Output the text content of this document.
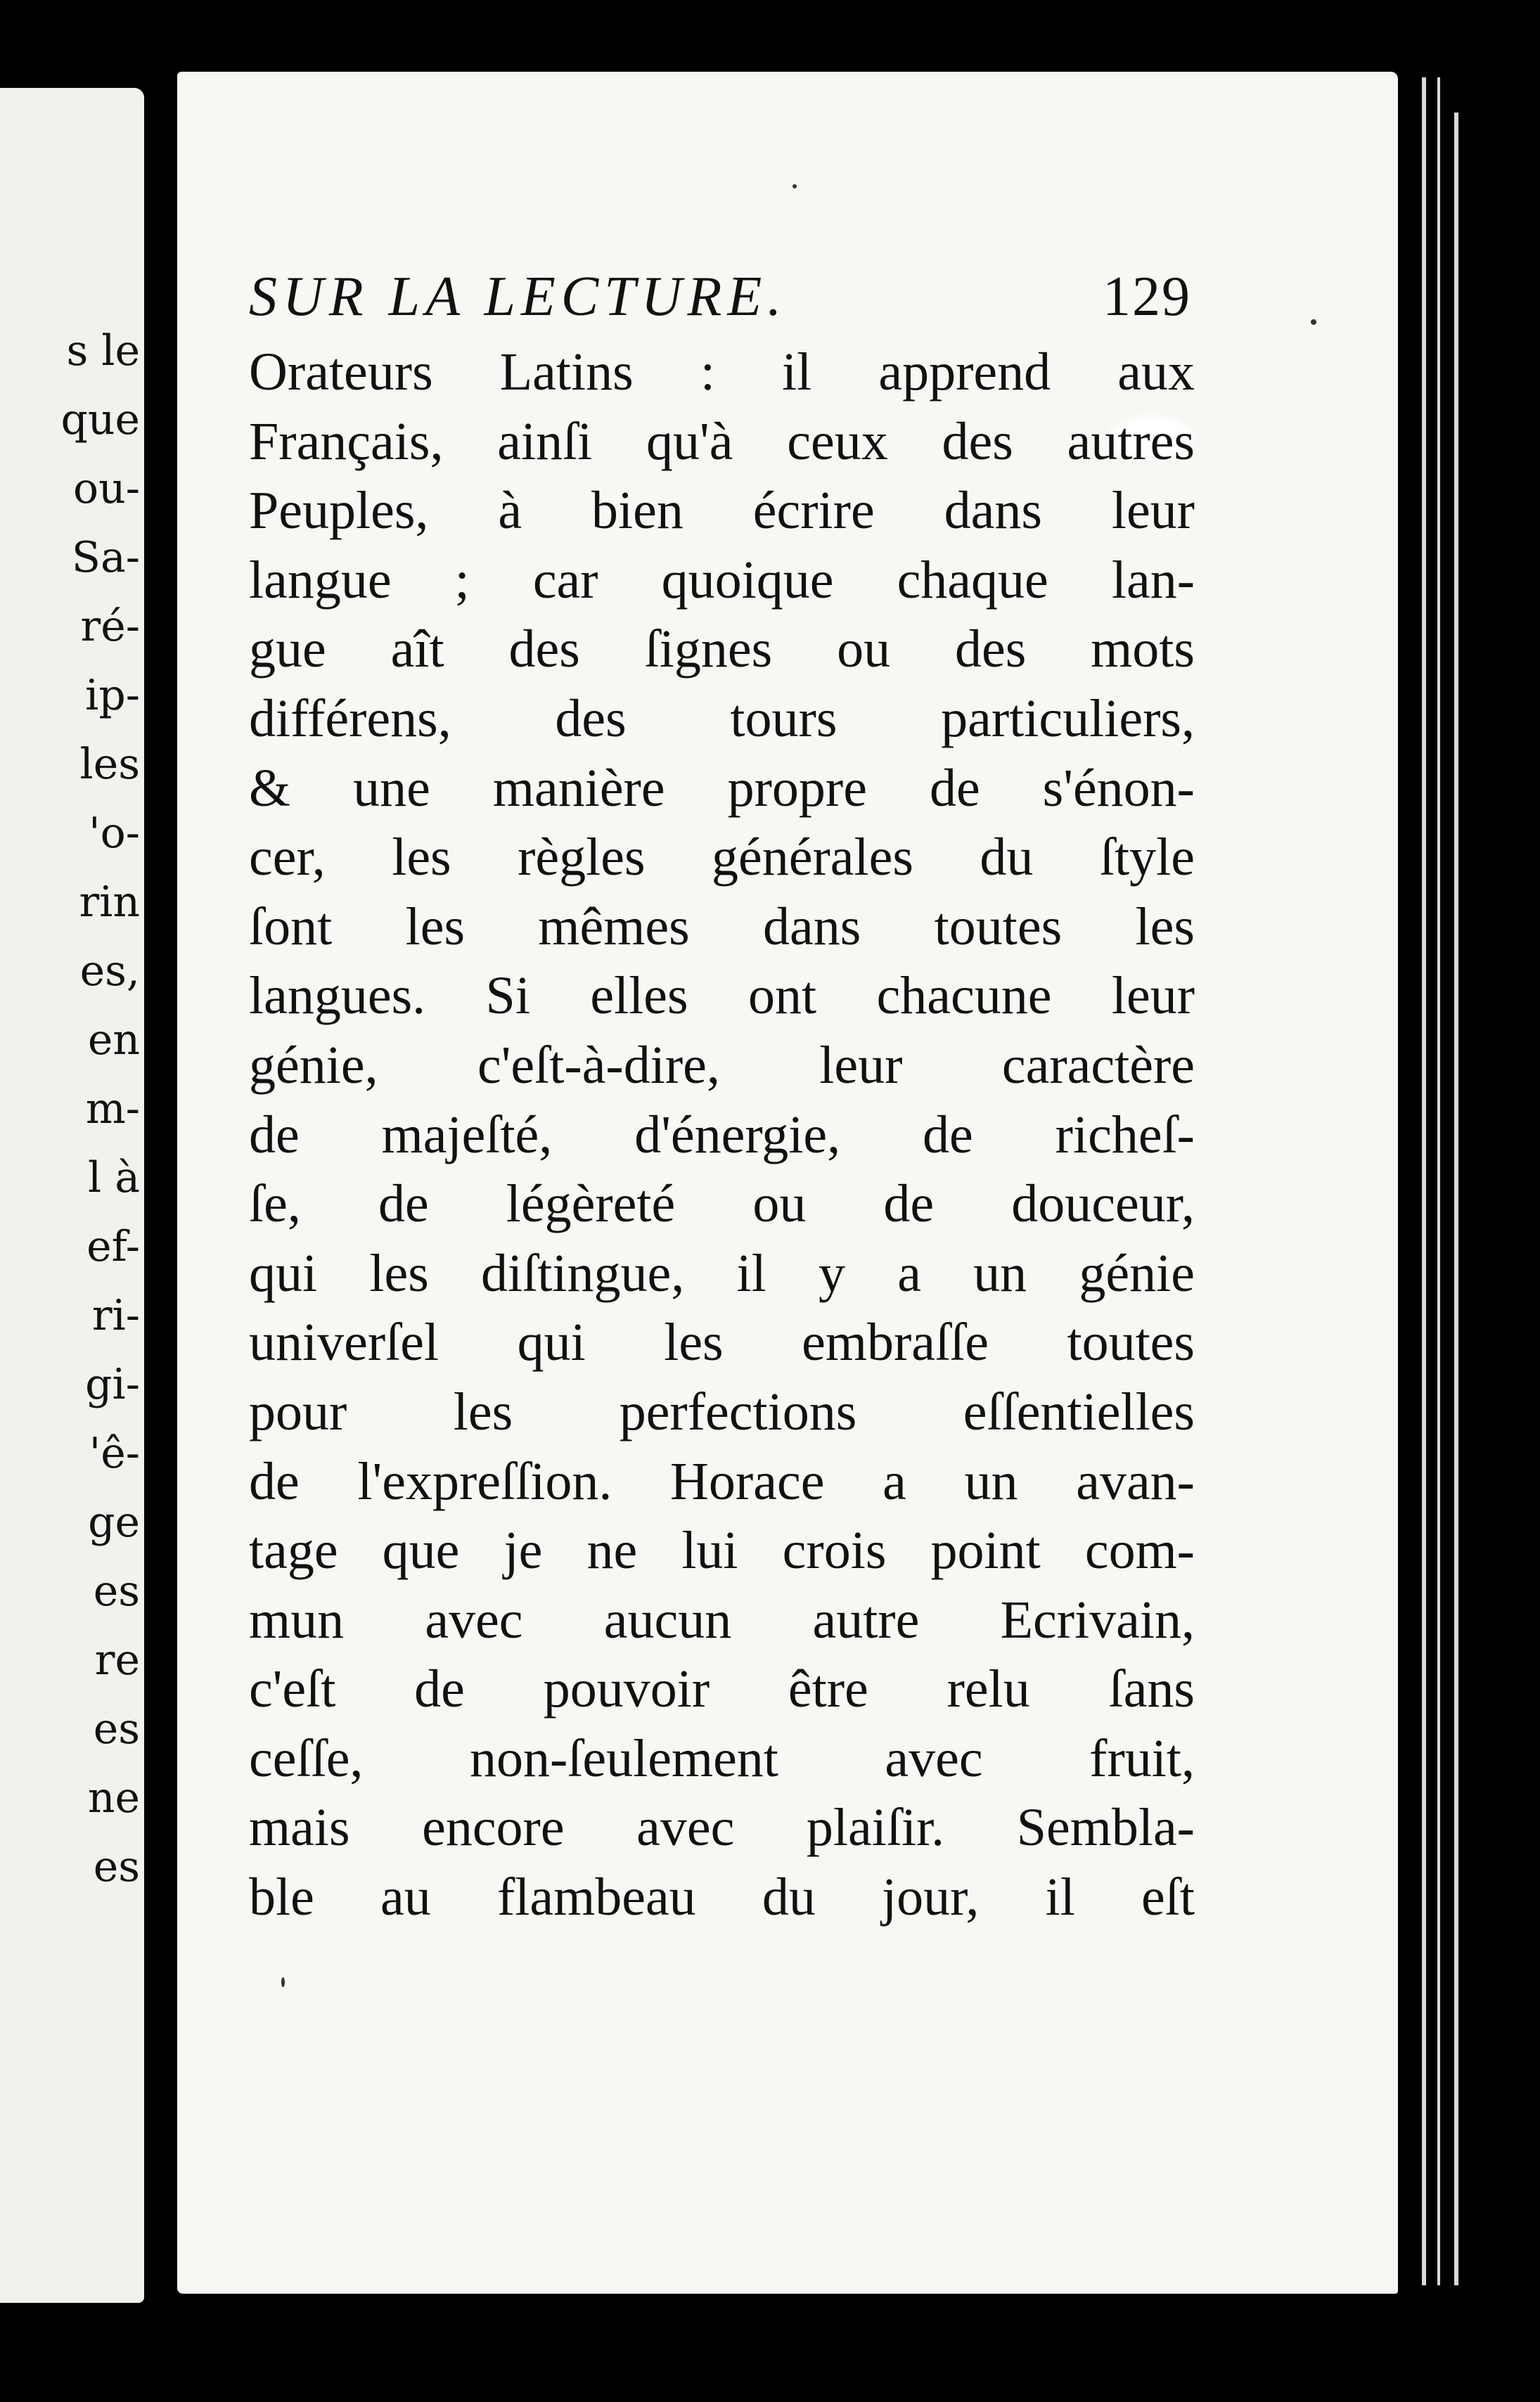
s le
que
ou-
Sa-
ré-
ip-
les
'o-
rin
es,
en
m-
l à
ef-
ri-
gi-
'ê-
ge
es
re
es
ne
es
SUR LA LECTURE.	129
Orateurs Latins : il apprend aux
Français, ainſi qu'à ceux des autres
Peuples, à bien écrire dans leur
langue ; car quoique chaque lan-
gue aît des ſignes ou des mots
différens, des tours particuliers,
& une manière propre de s'énon-
cer, les règles générales du ſtyle
ſont les mêmes dans toutes les
langues. Si elles ont chacune leur
génie, c'eſt-à-dire, leur caractère
de majeſté, d'énergie, de richeſ-
ſe, de légèreté ou de douceur,
qui les diſtingue, il y a un génie
univerſel qui les embraſſe toutes
pour les perfections eſſentielles
de l'expreſſion. Horace a un avan-
tage que je ne lui crois point com-
mun avec aucun autre Ecrivain,
c'eſt de pouvoir être relu ſans
ceſſe, non-ſeulement avec fruit,
mais encore avec plaiſir. Sembla-
ble au flambeau du jour, il eſt
